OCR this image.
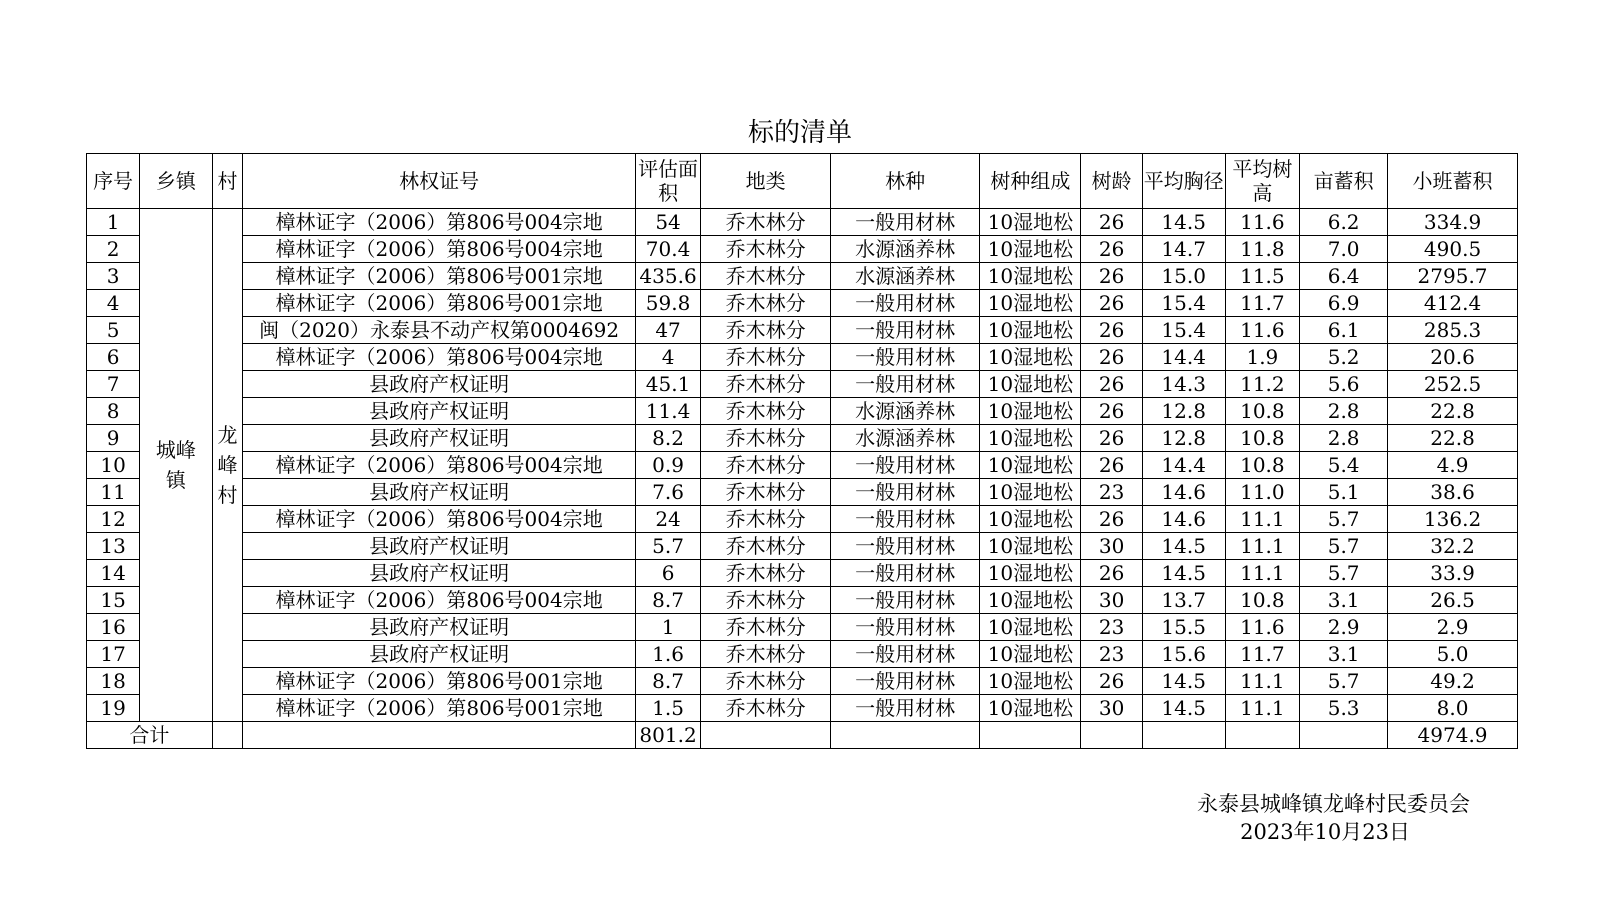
标的清单
序号	乡镇	村	林权证号	评估面积	地类	林种	树种组成	树龄	平均胸径	平均树高	亩蓄积	小班蓄积
1	城峰镇	龙峰村	樟林证字（2006）第806号004宗地	54	乔木林分	一般用材林	10湿地松	26	14.5	11.6	6.2	334.9
2			樟林证字（2006）第806号004宗地	70.4	乔木林分	水源涵养林	10湿地松	26	14.7	11.8	7.0	490.5
3			樟林证字（2006）第806号001宗地	435.6	乔木林分	水源涵养林	10湿地松	26	15.0	11.5	6.4	2795.7
4			樟林证字（2006）第806号001宗地	59.8	乔木林分	一般用材林	10湿地松	26	15.4	11.7	6.9	412.4
5			闽（2020）永泰县不动产权第0004692	47	乔木林分	一般用材林	10湿地松	26	15.4	11.6	6.1	285.3
6			樟林证字（2006）第806号004宗地	4	乔木林分	一般用材林	10湿地松	26	14.4	1.9	5.2	20.6
7			县政府产权证明	45.1	乔木林分	一般用材林	10湿地松	26	14.3	11.2	5.6	252.5
8			县政府产权证明	11.4	乔木林分	水源涵养林	10湿地松	26	12.8	10.8	2.8	22.8
9			县政府产权证明	8.2	乔木林分	水源涵养林	10湿地松	26	12.8	10.8	2.8	22.8
10			樟林证字（2006）第806号004宗地	0.9	乔木林分	一般用材林	10湿地松	26	14.4	10.8	5.4	4.9
11			县政府产权证明	7.6	乔木林分	一般用材林	10湿地松	23	14.6	11.0	5.1	38.6
12			樟林证字（2006）第806号004宗地	24	乔木林分	一般用材林	10湿地松	26	14.6	11.1	5.7	136.2
13			县政府产权证明	5.7	乔木林分	一般用材林	10湿地松	30	14.5	11.1	5.7	32.2
14			县政府产权证明	6	乔木林分	一般用材林	10湿地松	26	14.5	11.1	5.7	33.9
15			樟林证字（2006）第806号004宗地	8.7	乔木林分	一般用材林	10湿地松	30	13.7	10.8	3.1	26.5
16			县政府产权证明	1	乔木林分	一般用材林	10湿地松	23	15.5	11.6	2.9	2.9
17			县政府产权证明	1.6	乔木林分	一般用材林	10湿地松	23	15.6	11.7	3.1	5.0
18			樟林证字（2006）第806号001宗地	8.7	乔木林分	一般用材林	10湿地松	26	14.5	11.1	5.7	49.2
19			樟林证字（2006）第806号001宗地	1.5	乔木林分	一般用材林	10湿地松	30	14.5	11.1	5.3	8.0
合计				801.2								4974.9
永泰县城峰镇龙峰村民委员会
2023年10月23日
